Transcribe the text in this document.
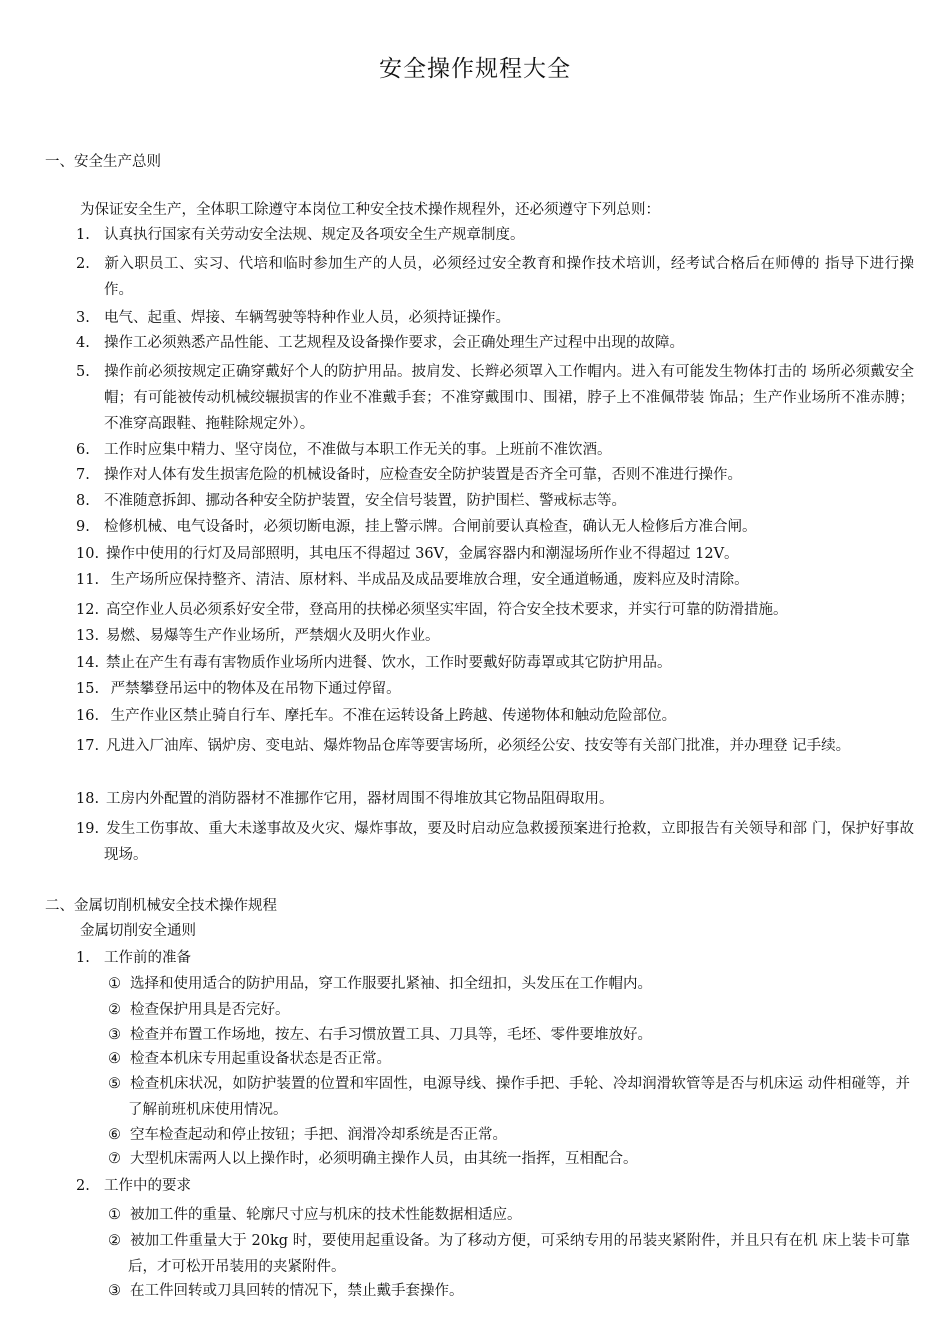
安全操作规程大全
一、安全生产总则
为保证安全生产，全体职工除遵守本岗位工种安全技术操作规程外，还必须遵守下列总则：
1. 认真执行国家有关劳动安全法规、规定及各项安全生产规章制度。
2. 新入职员工、实习、代培和临时参加生产的人员，必须经过安全教育和操作技术培训，经考试合格后在师傅的 指导下进行操作。
3. 电气、起重、焊接、车辆驾驶等特种作业人员，必须持证操作。
4. 操作工必须熟悉产品性能、工艺规程及设备操作要求，会正确处理生产过程中出现的故障。
5. 操作前必须按规定正确穿戴好个人的防护用品。披肩发、长辫必须罩入工作帽内。进入有可能发生物体打击的 场所必须戴安全帽；有可能被传动机械绞辗损害的作业不准戴手套；不准穿戴围巾、围裙，脖子上不准佩带装 饰品；生产作业场所不准赤膊；不准穿高跟鞋、拖鞋除规定外）。
6. 工作时应集中精力、坚守岗位，不准做与本职工作无关的事。上班前不准饮酒。
7. 操作对人体有发生损害危险的机械设备时，应检查安全防护装置是否齐全可靠，否则不准进行操作。
8. 不准随意拆卸、挪动各种安全防护装置，安全信号装置，防护围栏、警戒标志等。
9. 检修机械、电气设备时，必须切断电源，挂上警示牌。合闸前要认真检查，确认无人检修后方准合闸。
10. 操作中使用的行灯及局部照明，其电压不得超过 36V，金属容器内和潮湿场所作业不得超过 12V。
11. 生产场所应保持整齐、清洁、原材料、半成品及成品要堆放合理，安全通道畅通，废料应及时清除。
12. 高空作业人员必须系好安全带，登高用的扶梯必须坚实牢固，符合安全技术要求，并实行可靠的防滑措施。
13. 易燃、易爆等生产作业场所，严禁烟火及明火作业。
14. 禁止在产生有毒有害物质作业场所内进餐、饮水，工作时要戴好防毒罩或其它防护用品。
15. 严禁攀登吊运中的物体及在吊物下通过停留。
16. 生产作业区禁止骑自行车、摩托车。不准在运转设备上跨越、传递物体和触动危险部位。
17. 凡进入厂油库、锅炉房、变电站、爆炸物品仓库等要害场所，必须经公安、技安等有关部门批准，并办理登 记手续。
18. 工房内外配置的消防器材不准挪作它用，器材周围不得堆放其它物品阻碍取用。
19. 发生工伤事故、重大未遂事故及火灾、爆炸事故，要及时启动应急救援预案进行抢救，立即报告有关领导和部 门，保护好事故现场。
二、金属切削机械安全技术操作规程
金属切削安全通则
1. 工作前的准备
① 选择和使用适合的防护用品，穿工作服要扎紧袖、扣全纽扣，头发压在工作帽内。
② 检查保护用具是否完好。
③ 检查并布置工作场地，按左、右手习惯放置工具、刀具等，毛坯、零件要堆放好。
④ 检查本机床专用起重设备状态是否正常。
⑤ 检查机床状况，如防护装置的位置和牢固性，电源导线、操作手把、手轮、冷却润滑软管等是否与机床运 动件相碰等，并了解前班机床使用情况。
⑥ 空车检查起动和停止按钮；手把、润滑冷却系统是否正常。
⑦ 大型机床需两人以上操作时，必须明确主操作人员，由其统一指挥，互相配合。
2. 工作中的要求
① 被加工件的重量、轮廓尺寸应与机床的技术性能数据相适应。
② 被加工件重量大于 20kg 时，要使用起重设备。为了移动方便，可采纳专用的吊装夹紧附件，并且只有在机 床上装卡可靠后，才可松开吊装用的夹紧附件。
③ 在工件回转或刀具回转的情况下，禁止戴手套操作。
